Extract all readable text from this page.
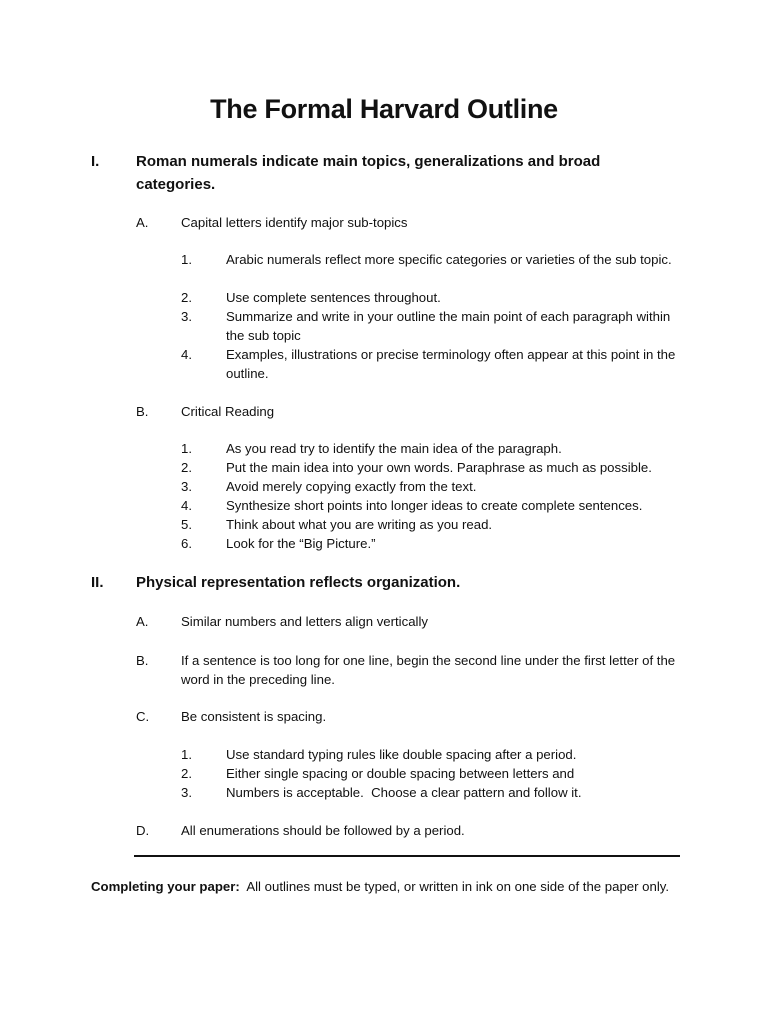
The Formal Harvard Outline
I.	Roman numerals indicate main topics, generalizations and broad categories.
A.	Capital letters identify major sub-topics
1.	Arabic numerals reflect more specific categories or varieties of the sub topic.
2.	Use complete sentences throughout.
3.	Summarize and write in your outline the main point of each paragraph within the sub topic
4.	Examples, illustrations or precise terminology often appear at this point in the outline.
B.	Critical Reading
1.	As you read try to identify the main idea of the paragraph.
2.	Put the main idea into your own words. Paraphrase as much as possible.
3.	Avoid merely copying exactly from the text.
4.	Synthesize short points into longer ideas to create complete sentences.
5.	Think about what you are writing as you read.
6.	Look for the “Big Picture.”
II.	Physical representation reflects organization.
A.	Similar numbers and letters align vertically
B.	If a sentence is too long for one line, begin the second line under the first letter of the word in the preceding line.
C.	Be consistent is spacing.
1.	Use standard typing rules like double spacing after a period.
2.	Either single spacing or double spacing between letters and
3.	Numbers is acceptable.  Choose a clear pattern and follow it.
D.	All enumerations should be followed by a period.
Completing your paper:  All outlines must be typed, or written in ink on one side of the paper only.
